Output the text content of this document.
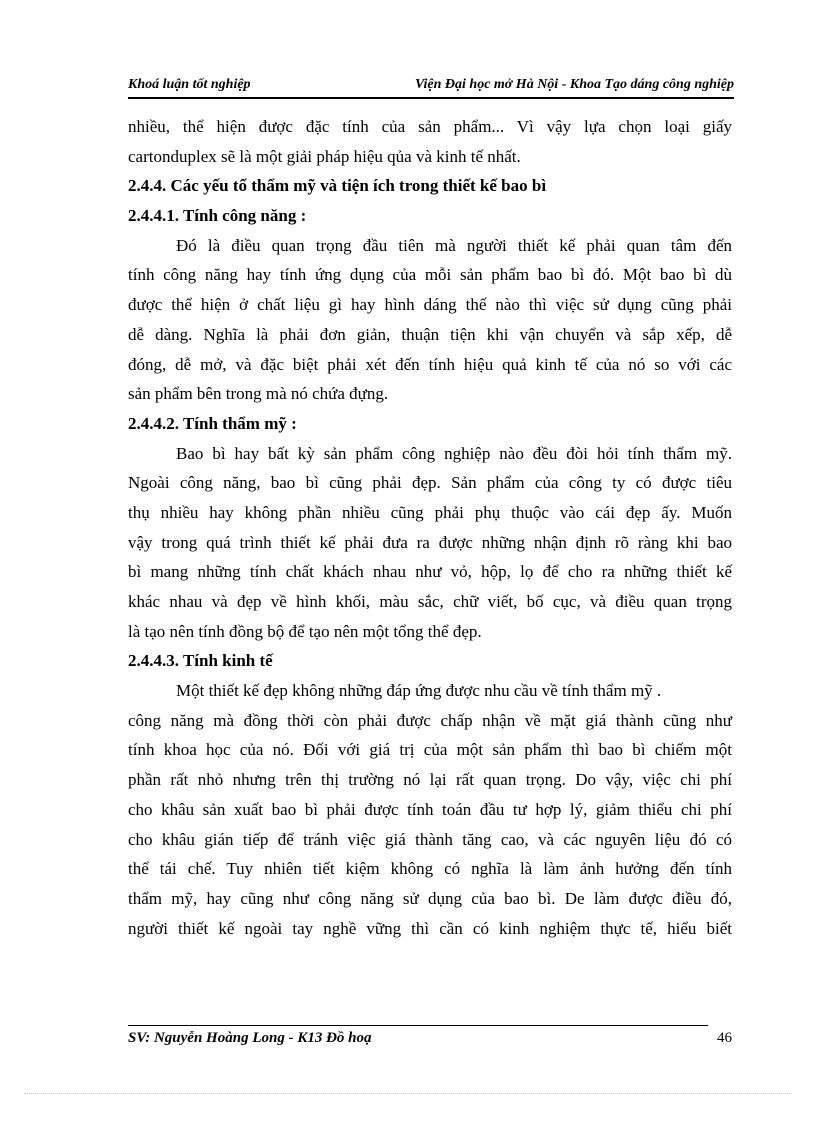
Khoá luận tốt nghiệp	Viện Đại học mở Hà Nội - Khoa Tạo dáng công nghiệp
nhiều, thể hiện được đặc tính của sản phẩm... Vì vậy lựa chọn loại giấy
cartonduplex sẽ là một giải pháp hiệu qủa và kinh tế nhất.
2.4.4. Các yếu tố thẩm mỹ và tiện ích trong thiết kế bao bì
2.4.4.1. Tính công năng :
Đó là điều quan trọng đầu tiên mà người thiết kế phải quan tâm đến
tính công năng hay tính ứng dụng của mỗi sản phẩm bao bì đó. Một bao bì dù
được thể hiện ở chất liệu gì hay hình dáng thế nào thì việc sử dụng cũng phải
dễ dàng. Nghĩa là phải đơn giản, thuận tiện khi vận chuyển và sắp xếp, dễ
đóng, dễ mở, và đặc biệt phải xét đến tính hiệu quả kinh tế của nó so với các
sản phẩm bên trong mà nó chứa đựng.
2.4.4.2. Tính thẩm mỹ :
Bao bì hay bất kỳ sản phẩm công nghiệp nào đều đòi hỏi tính thẩm mỹ.
Ngoài công năng, bao bì cũng phải đẹp. Sản phẩm của công ty có được tiêu
thụ nhiều hay không phần nhiều cũng phải phụ thuộc vào cái đẹp ấy. Muốn
vậy trong quá trình thiết kế phải đưa ra được những nhận định rõ ràng khi bao
bì mang những tính chất khách nhau như vỏ, hộp, lọ để cho ra những thiết kế
khác nhau và đẹp về hình khối, màu sắc, chữ viết, bố cục, và điều quan trọng
là tạo nên tính đồng bộ để tạo nên một tổng thể đẹp.
2.4.4.3. Tính kinh tế
Một thiết kế đẹp không những đáp ứng được nhu cầu về tính thẩm mỹ .
công năng mà đồng thời còn phải được chấp nhận về mặt giá thành cũng như
tính khoa học của nó. Đối với giá trị của một sản phẩm thì bao bì chiếm một
phần rất nhỏ nhưng trên thị trường nó lại rất quan trọng. Do vậy, việc chi phí
cho khâu sản xuất bao bì phải được tính toán đầu tư hợp lý, giảm thiểu chi phí
cho khâu gián tiếp để tránh việc giá thành tăng cao, và các nguyên liệu đó có
thể tái chế. Tuy nhiên tiết kiệm không có nghĩa là làm ảnh hưởng đến tính
thẩm mỹ, hay cũng như công năng sử dụng của bao bì. De làm được điều đó,
người thiết kế ngoài tay nghề vững thì cần có kinh nghiệm thực tế, hiểu biết
SV: Nguyễn Hoàng Long - K13 Đồ hoạ	46
